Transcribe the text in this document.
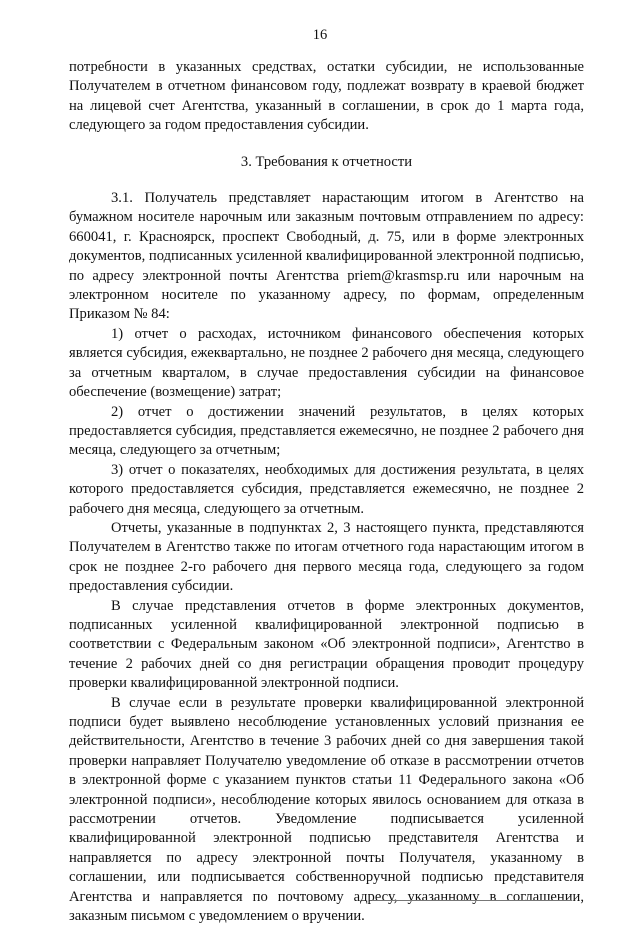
16

потребности в указанных средствах, остатки субсидии, не использованные Получателем в отчетном финансовом году, подлежат возврату в краевой бюджет на лицевой счет Агентства, указанный в соглашении, в срок до 1 марта года, следующего за годом предоставления субсидии.

3. Требования к отчетности

3.1. Получатель представляет нарастающим итогом в Агентство на бумажном носителе нарочным или заказным почтовым отправлением по адресу: 660041, г. Красноярск, проспект Свободный, д. 75, или в форме электронных документов, подписанных усиленной квалифицированной электронной подписью, по адресу электронной почты Агентства priem@krasmsp.ru или нарочным на электронном носителе по указанному адресу, по формам, определенным Приказом № 84:

1) отчет о расходах, источником финансового обеспечения которых является субсидия, ежеквартально, не позднее 2 рабочего дня месяца, следующего за отчетным кварталом, в случае предоставления субсидии на финансовое обеспечение (возмещение) затрат;

2) отчет о достижении значений результатов, в целях которых предоставляется субсидия, представляется ежемесячно, не позднее 2 рабочего дня месяца, следующего за отчетным;

3) отчет о показателях, необходимых для достижения результата, в целях которого предоставляется субсидия, представляется ежемесячно, не позднее 2 рабочего дня месяца, следующего за отчетным.

Отчеты, указанные в подпунктах 2, 3 настоящего пункта, представляются Получателем в Агентство также по итогам отчетного года нарастающим итогом в срок не позднее 2-го рабочего дня первого месяца года, следующего за годом предоставления субсидии.

В случае представления отчетов в форме электронных документов, подписанных усиленной квалифицированной электронной подписью в соответствии с Федеральным законом «Об электронной подписи», Агентство в течение 2 рабочих дней со дня регистрации обращения проводит процедуру проверки квалифицированной электронной подписи.

В случае если в результате проверки квалифицированной электронной подписи будет выявлено несоблюдение установленных условий признания ее действительности, Агентство в течение 3 рабочих дней со дня завершения такой проверки направляет Получателю уведомление об отказе в рассмотрении отчетов в электронной форме с указанием пунктов статьи 11 Федерального закона «Об электронной подписи», несоблюдение которых явилось основанием для отказа в рассмотрении отчетов. Уведомление подписывается усиленной квалифицированной электронной подписью представителя Агентства и направляется по адресу электронной почты Получателя, указанному в соглашении, или подписывается собственноручной подписью представителя Агентства и направляется по почтовому адресу, указанному в соглашении, заказным письмом с уведомлением о вручении.
